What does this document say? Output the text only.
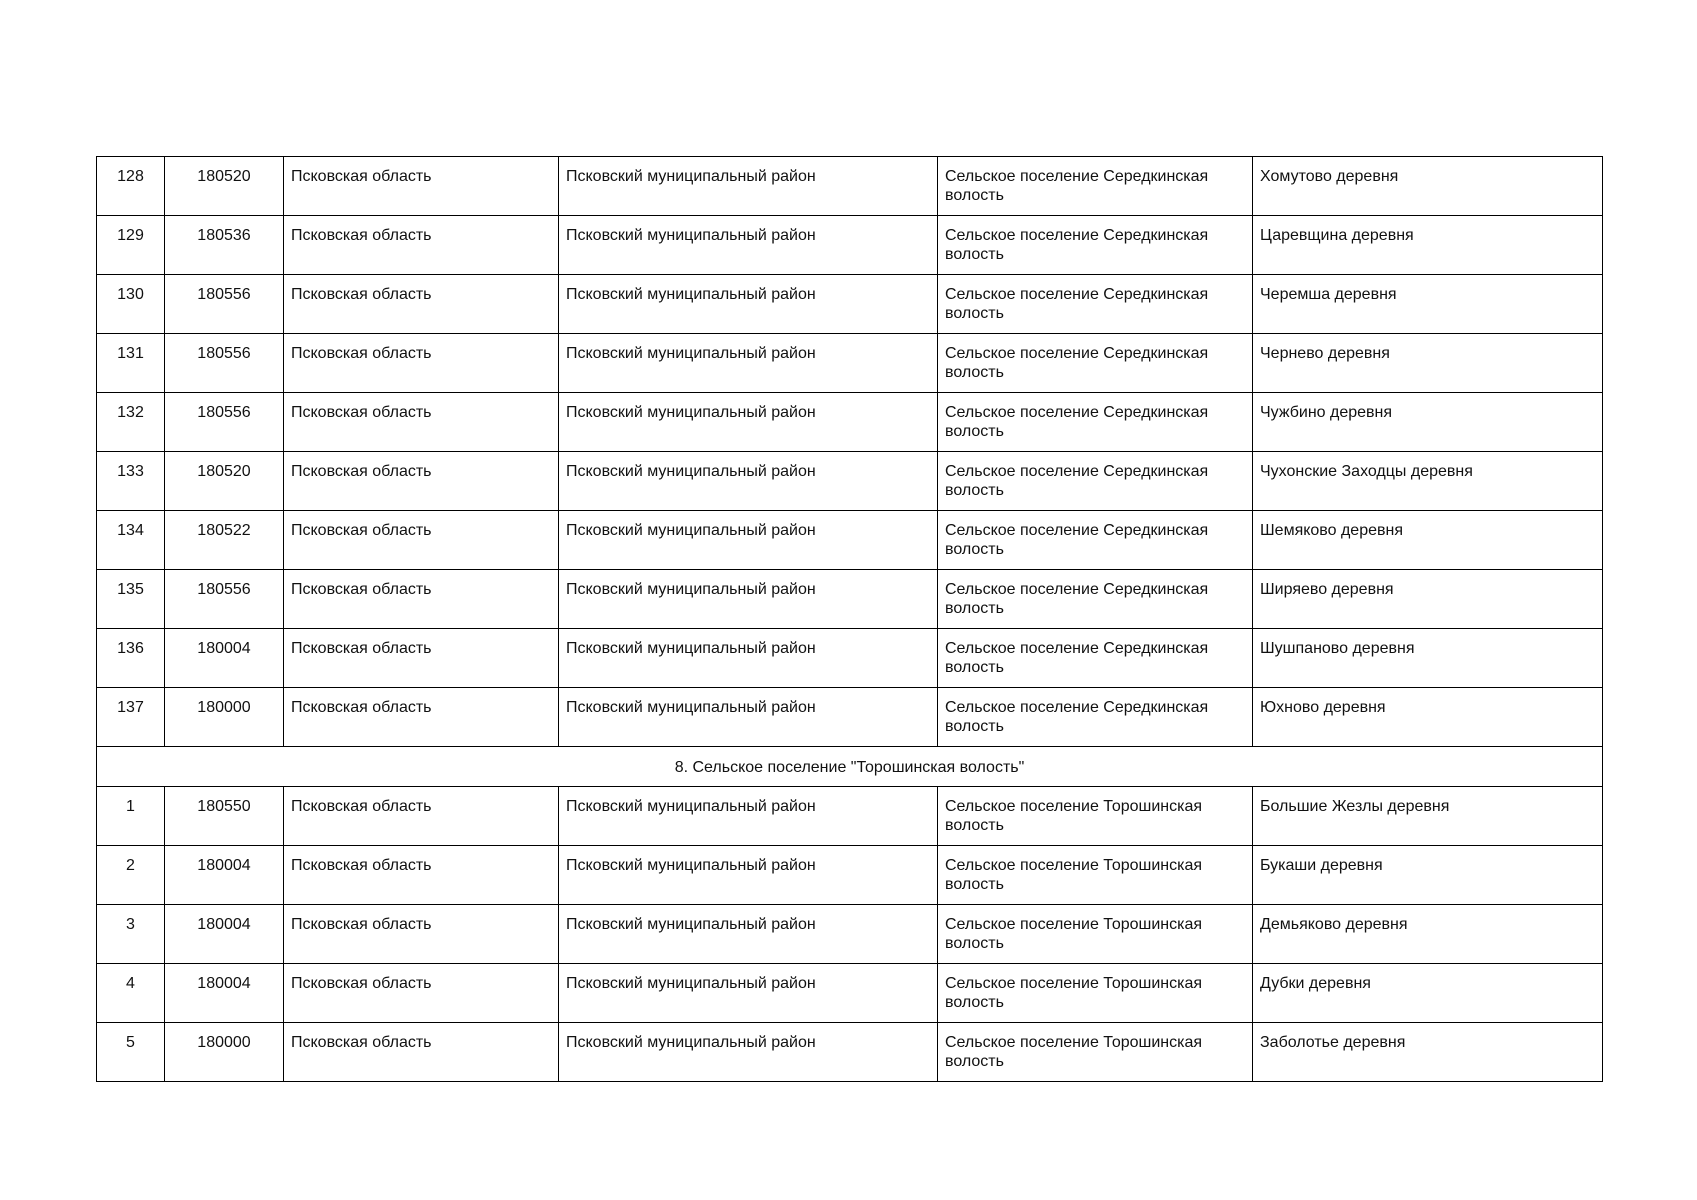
128	180520	Псковская область	Псковский муниципальный район	Сельское поселение Середкинская волость	Хомутово деревня
129	180536	Псковская область	Псковский муниципальный район	Сельское поселение Середкинская волость	Царевщина деревня
130	180556	Псковская область	Псковский муниципальный район	Сельское поселение Середкинская волость	Черемша деревня
131	180556	Псковская область	Псковский муниципальный район	Сельское поселение Середкинская волость	Чернево деревня
132	180556	Псковская область	Псковский муниципальный район	Сельское поселение Середкинская волость	Чужбино деревня
133	180520	Псковская область	Псковский муниципальный район	Сельское поселение Середкинская волость	Чухонские Заходцы деревня
134	180522	Псковская область	Псковский муниципальный район	Сельское поселение Середкинская волость	Шемяково деревня
135	180556	Псковская область	Псковский муниципальный район	Сельское поселение Середкинская волость	Ширяево деревня
136	180004	Псковская область	Псковский муниципальный район	Сельское поселение Середкинская волость	Шушпаново деревня
137	180000	Псковская область	Псковский муниципальный район	Сельское поселение Середкинская волость	Юхново деревня
8. Сельское поселение "Торошинская волость"					
1	180550	Псковская область	Псковский муниципальный район	Сельское поселение Торошинская волость	Большие Жезлы деревня
2	180004	Псковская область	Псковский муниципальный район	Сельское поселение Торошинская волость	Букаши деревня
3	180004	Псковская область	Псковский муниципальный район	Сельское поселение Торошинская волость	Демьяково деревня
4	180004	Псковская область	Псковский муниципальный район	Сельское поселение Торошинская волость	Дубки деревня
5	180000	Псковская область	Псковский муниципальный район	Сельское поселение Торошинская волость	Заболотье деревня
